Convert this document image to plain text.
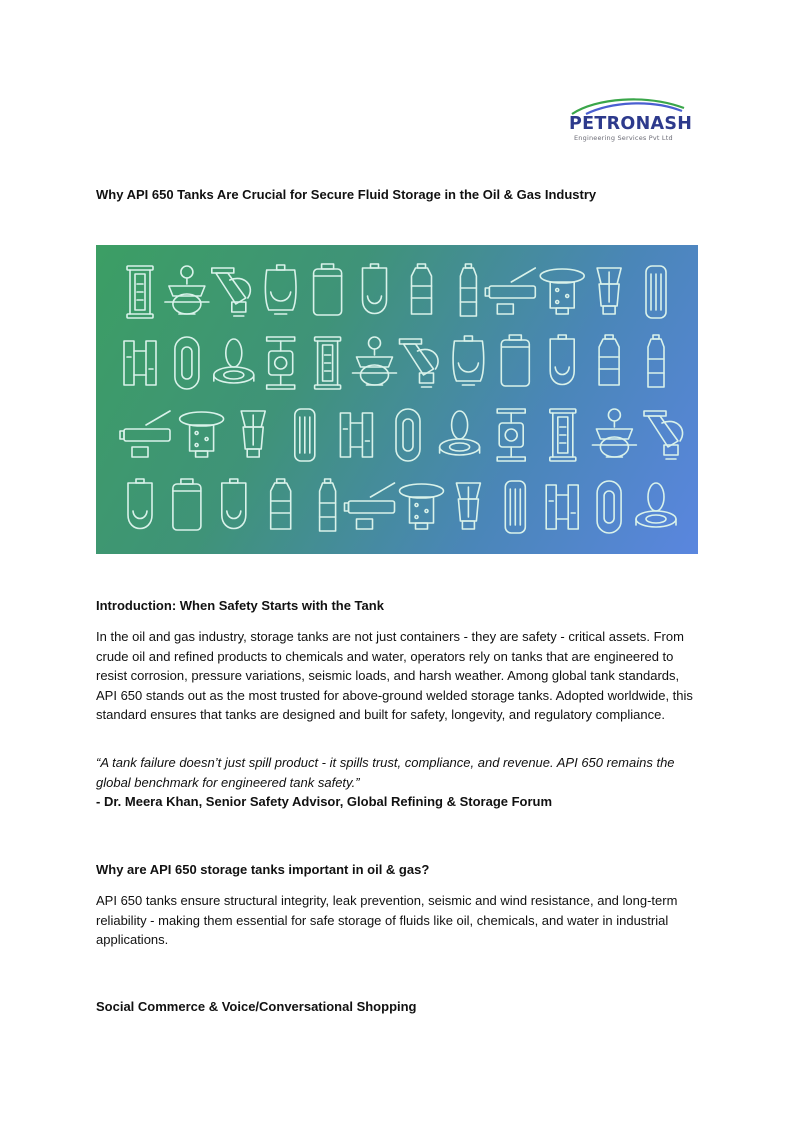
PETRONASH
Engineering Services Pvt Ltd
Why API 650 Tanks Are Crucial for Secure Fluid Storage in the Oil & Gas Industry
Introduction: When Safety Starts with the Tank

In the oil and gas industry, storage tanks are not just containers - they are safety - critical assets. From crude oil and refined products to chemicals and water, operators rely on tanks that are engineered to resist corrosion, pressure variations, seismic loads, and harsh weather. Among global tank standards, API 650 stands out as the most trusted for above-ground welded storage tanks. Adopted worldwide, this standard ensures that tanks are designed and built for safety, longevity, and regulatory compliance.

“A tank failure doesn’t just spill product - it spills trust, compliance, and revenue. API 650 remains the global benchmark for engineered tank safety.”
- Dr. Meera Khan, Senior Safety Advisor, Global Refining & Storage Forum
Why are API 650 storage tanks important in oil & gas?

API 650 tanks ensure structural integrity, leak prevention, seismic and wind resistance, and long-term reliability - making them essential for safe storage of fluids like oil, chemicals, and water in industrial applications.

Social Commerce & Voice/Conversational Shopping
